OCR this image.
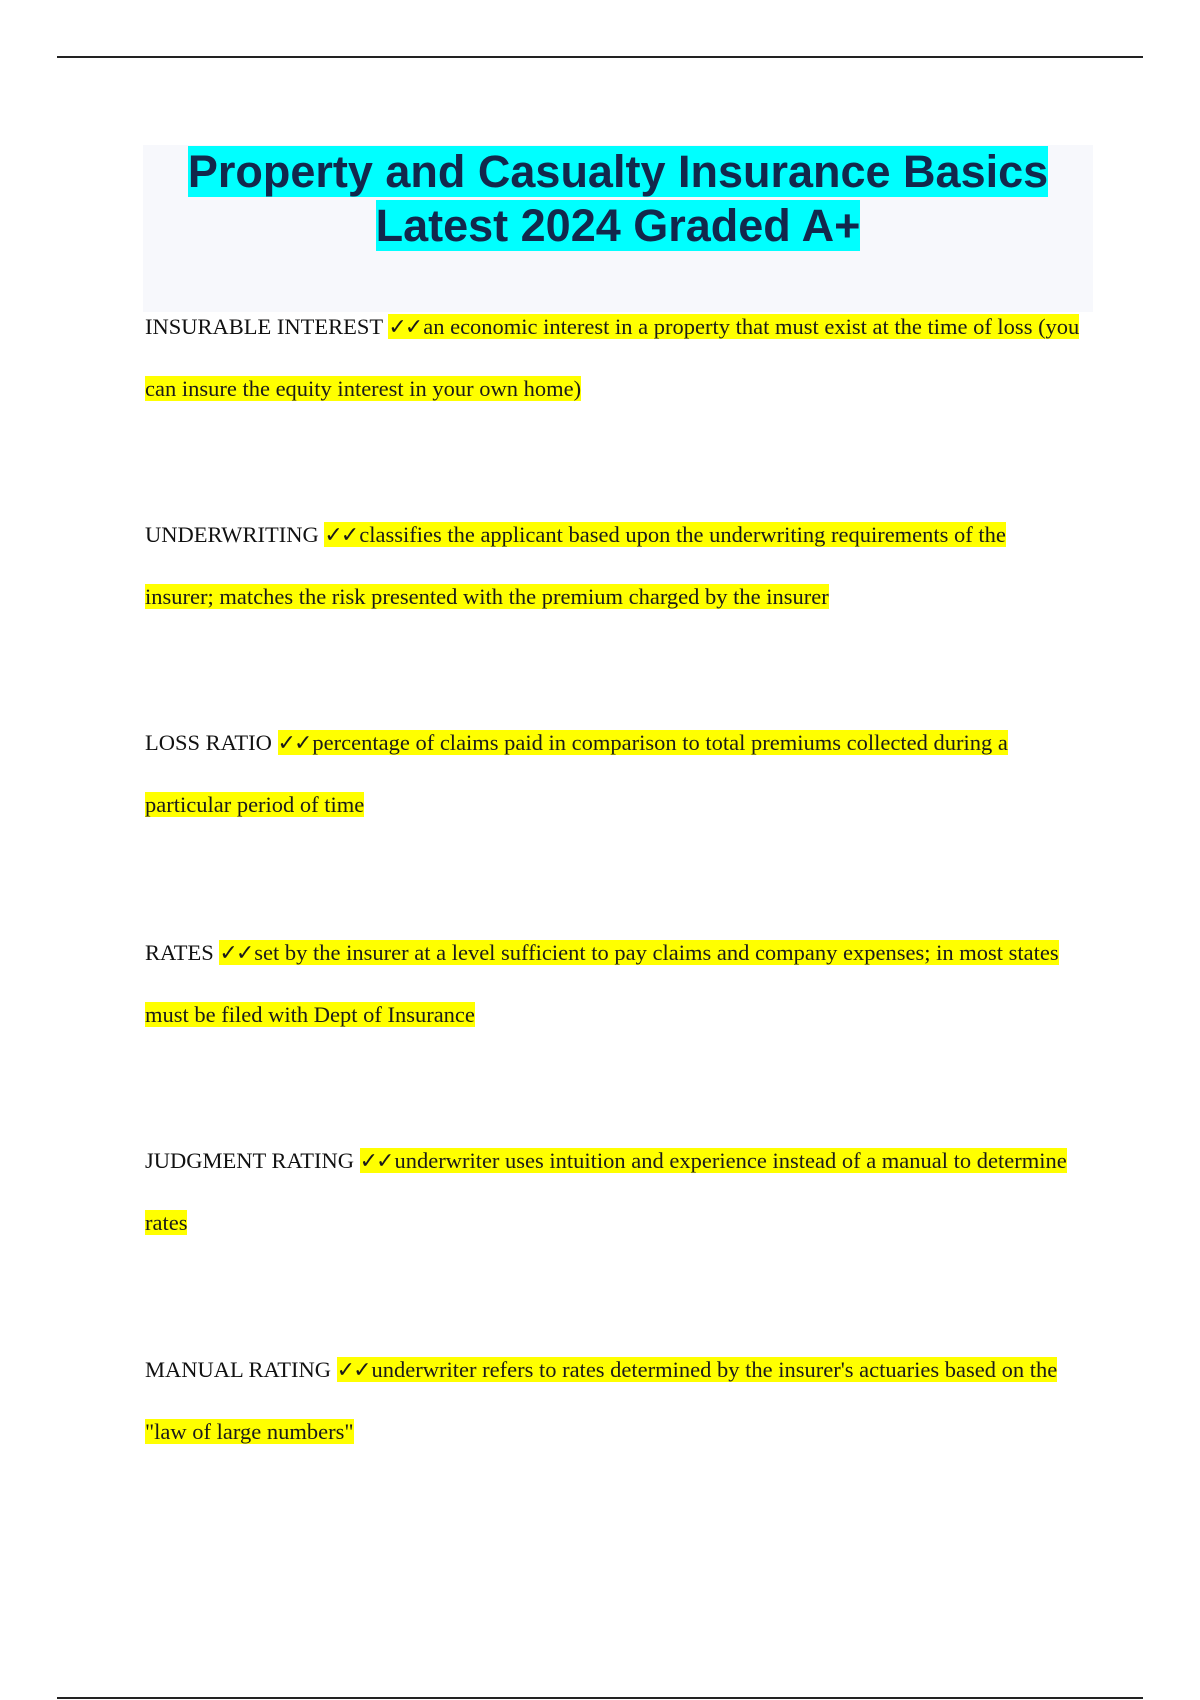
Property and Casualty Insurance Basics
Latest 2024 Graded A+

INSURABLE INTEREST ✓✓an economic interest in a property that must exist at the time of loss (you can insure the equity interest in your own home)

UNDERWRITING ✓✓classifies the applicant based upon the underwriting requirements of the insurer; matches the risk presented with the premium charged by the insurer

LOSS RATIO ✓✓percentage of claims paid in comparison to total premiums collected during a particular period of time

RATES ✓✓set by the insurer at a level sufficient to pay claims and company expenses; in most states must be filed with Dept of Insurance

JUDGMENT RATING ✓✓underwriter uses intuition and experience instead of a manual to determine rates

MANUAL RATING ✓✓underwriter refers to rates determined by the insurer's actuaries based on the "law of large numbers"
